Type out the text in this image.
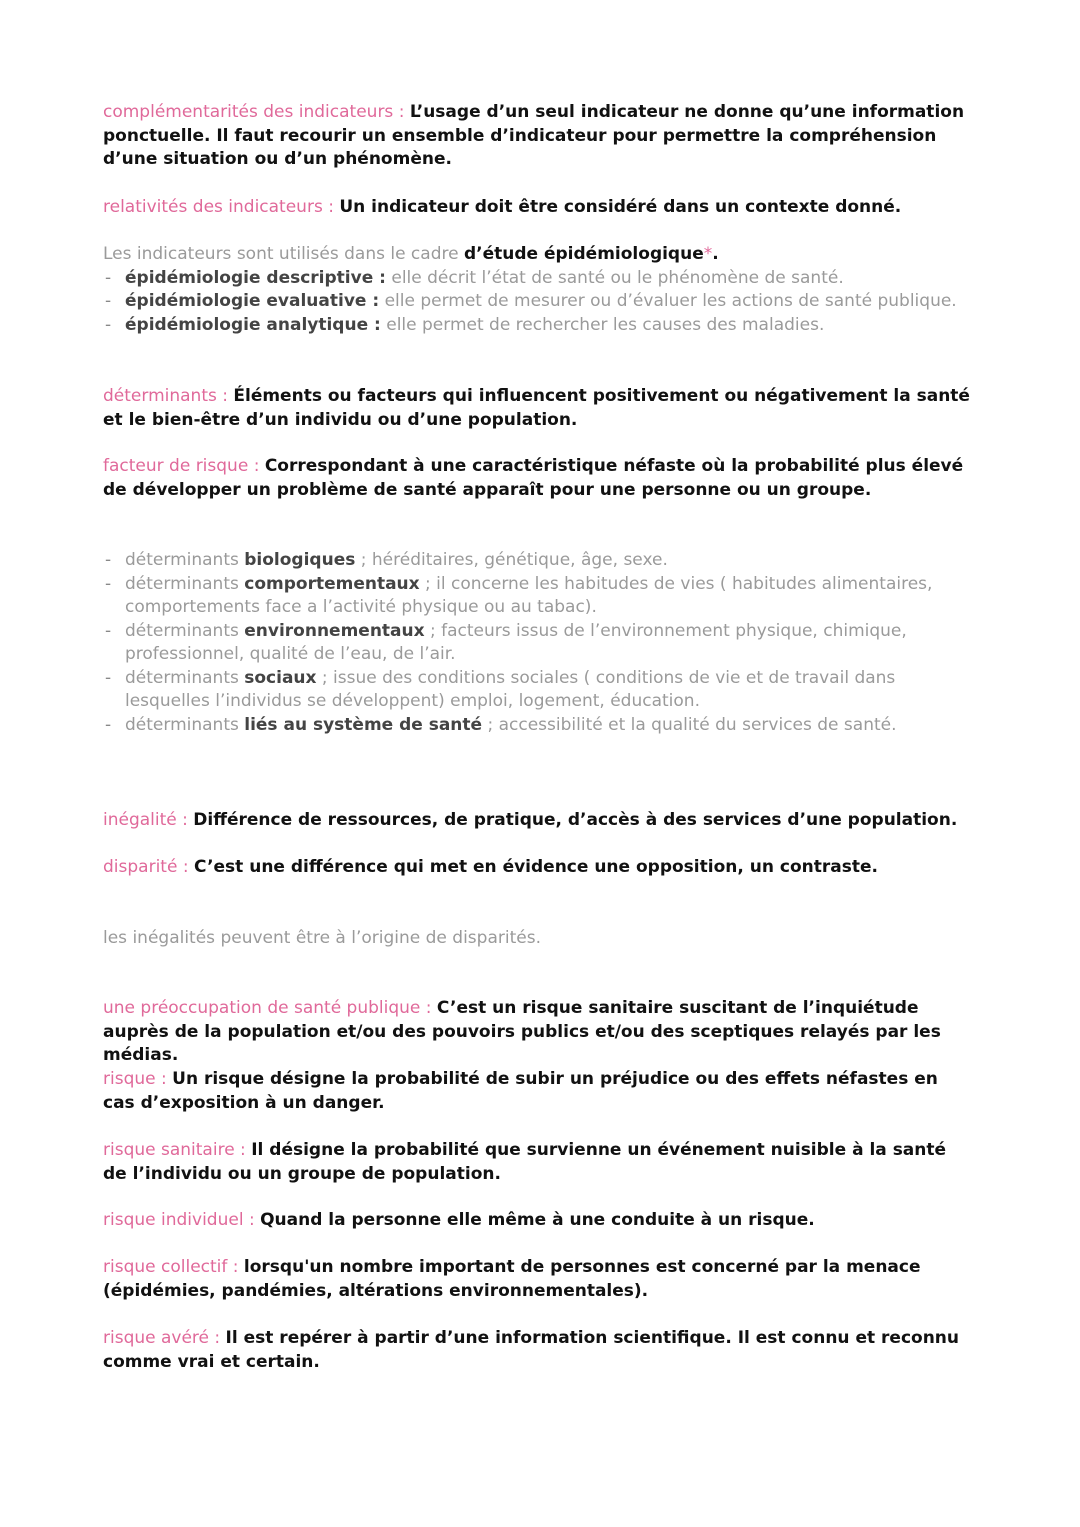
complémentarités des indicateurs : L’usage d’un seul indicateur ne donne qu’une information ponctuelle. Il faut recourir un ensemble d’indicateur pour permettre la compréhension d’une situation ou d’un phénomène.

relativités des indicateurs : Un indicateur doit être considéré dans un contexte donné.

Les indicateurs sont utilisés dans le cadre d’étude épidémiologique*.

- épidémiologie descriptive : elle décrit l’état de santé ou le phénomène de santé.
- épidémiologie evaluative : elle permet de mesurer ou d’évaluer les actions de santé publique.
- épidémiologie analytique : elle permet de rechercher les causes des maladies.

déterminants : Éléments ou facteurs qui influencent positivement ou négativement la santé et le bien-être d’un individu ou d’une population.

facteur de risque : Correspondant à une caractéristique néfaste où la probabilité plus élevé de développer un problème de santé apparaît pour une personne ou un groupe.

- déterminants biologiques ; héréditaires, génétique, âge, sexe.
- déterminants comportementaux ; il concerne les habitudes de vies ( habitudes alimentaires, comportements face a l’activité physique ou au tabac).
- déterminants environnementaux ; facteurs issus de l’environnement physique, chimique, professionnel, qualité de l’eau, de l’air.
- déterminants sociaux ; issue des conditions sociales ( conditions de vie et de travail dans lesquelles l’individus se développent) emploi, logement, éducation.
- déterminants liés au système de santé ; accessibilité et la qualité du services de santé.

inégalité : Différence de ressources, de pratique, d’accès à des services d’une population.

disparité : C’est une différence qui met en évidence une opposition, un contraste.

les inégalités peuvent être à l’origine de disparités.

une préoccupation de santé publique : C’est un risque sanitaire suscitant de l’inquiétude auprès de la population et/ou des pouvoirs publics et/ou des sceptiques relayés par les médias.

risque : Un risque désigne la probabilité de subir un préjudice ou des effets néfastes en cas d’exposition à un danger.

risque sanitaire : Il désigne la probabilité que survienne un événement nuisible à la santé de l’individu ou un groupe de population.

risque individuel : Quand la personne elle même à une conduite à un risque.

risque collectif : lorsqu'un nombre important de personnes est concerné par la menace (épidémies, pandémies, altérations environnementales).

risque avéré : Il est repérer à partir d’une information scientifique. Il est connu et reconnu comme vrai et certain.
